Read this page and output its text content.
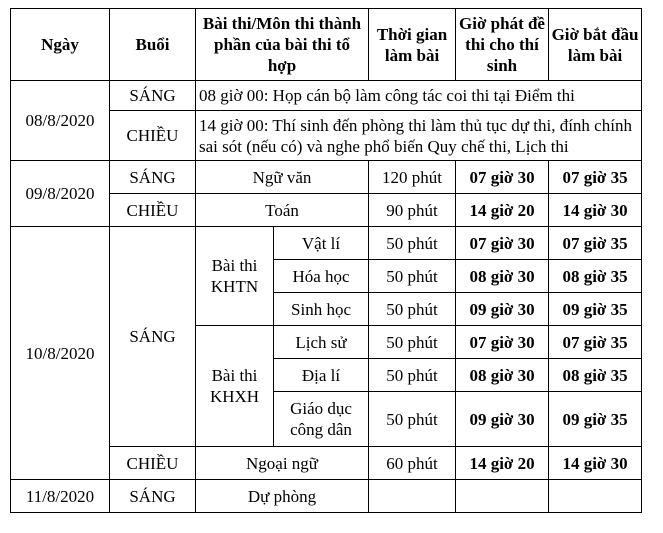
Ngày	Buổi	Bài thi/Môn thi thành phần của bài thi tổ hợp		Thời gian làm bài	Giờ phát đề thi cho thí sinh	Giờ bắt đầu làm bài
08/8/2020	SÁNG	08 giờ 00: Họp cán bộ làm công tác coi thi tại Điểm thi				
	CHIỀU	14 giờ 00: Thí sinh đến phòng thi làm thủ tục dự thi, đính chính sai sót (nếu có) và nghe phổ biến Quy chế thi, Lịch thi				
09/8/2020	SÁNG	Ngữ văn		120 phút	07 giờ 30	07 giờ 35
	CHIỀU	Toán		90 phút	14 giờ 20	14 giờ 30
10/8/2020	SÁNG	Bài thi KHTN	Vật lí	50 phút	07 giờ 30	07 giờ 35
			Hóa học	50 phút	08 giờ 30	08 giờ 35
			Sinh học	50 phút	09 giờ 30	09 giờ 35
		Bài thi KHXH	Lịch sử	50 phút	07 giờ 30	07 giờ 35
			Địa lí	50 phút	08 giờ 30	08 giờ 35
			Giáo dục công dân	50 phút	09 giờ 30	09 giờ 35
	CHIỀU	Ngoại ngữ		60 phút	14 giờ 20	14 giờ 30
11/8/2020	SÁNG	Dự phòng				
